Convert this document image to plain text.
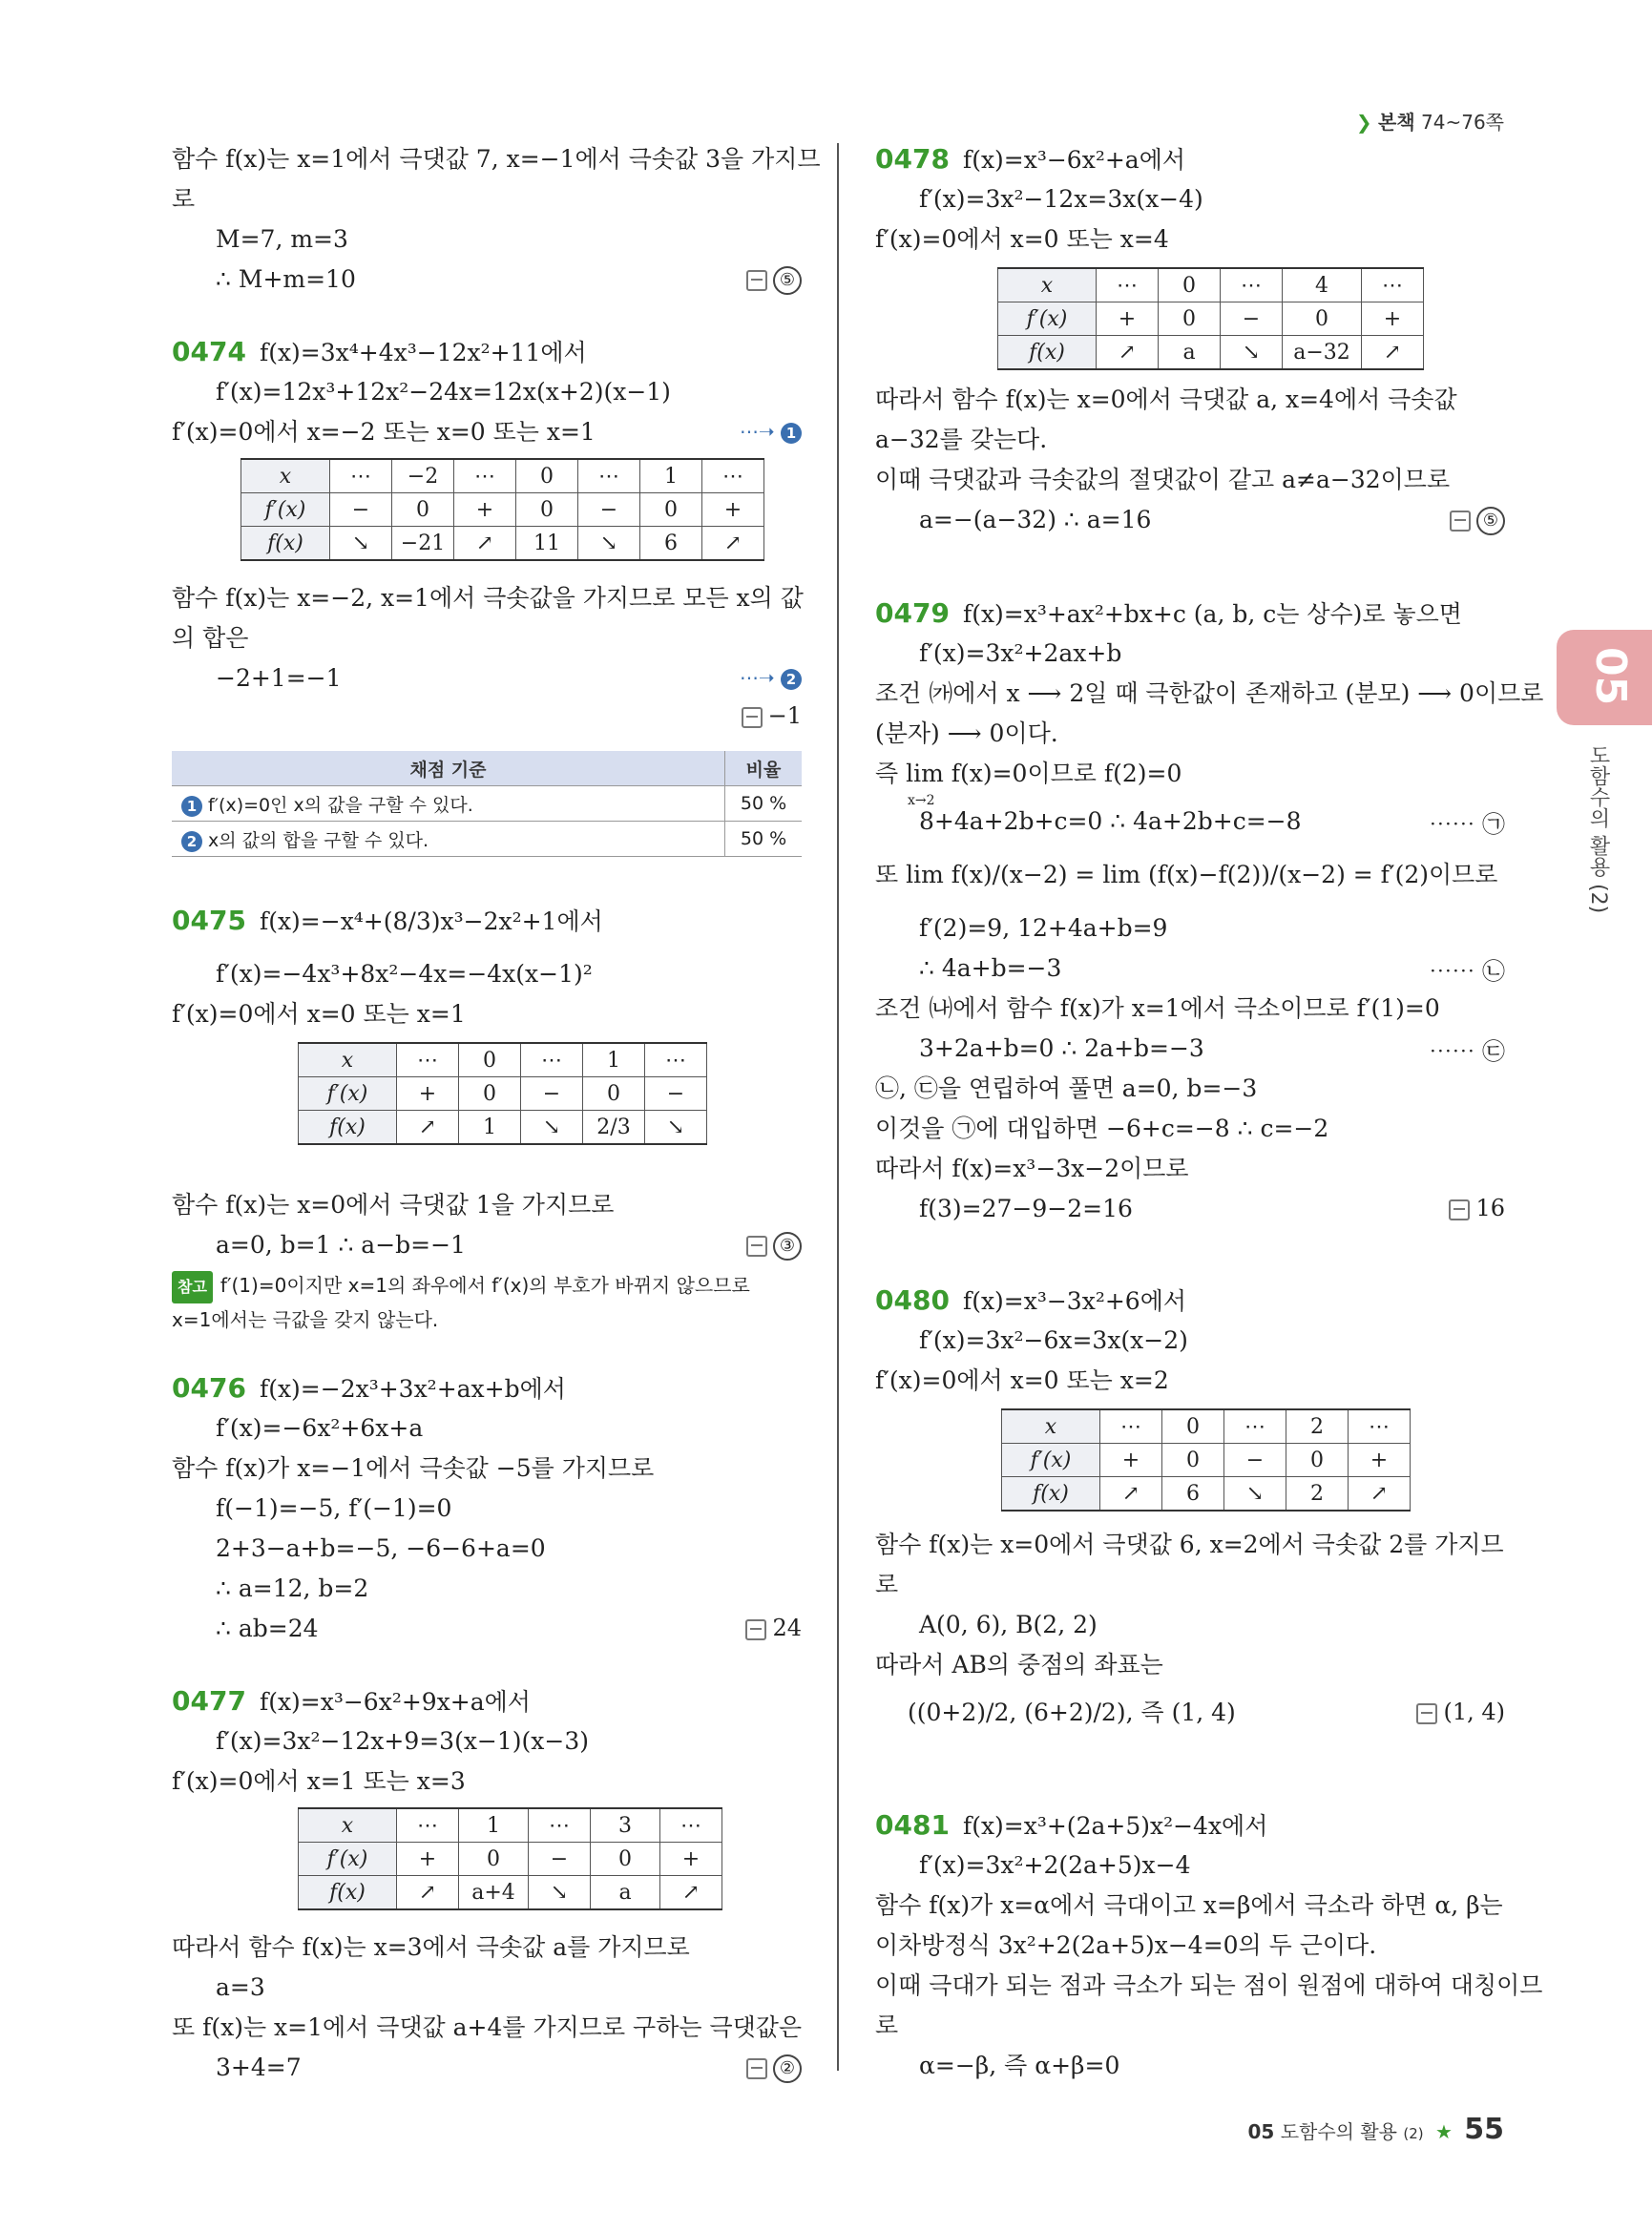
❯ 본책 74~76쪽
05
도함수의 활용 (2)
함수 f(x)는 x=1에서 극댓값 7, x=−1에서 극솟값 3을 가지므
로
M=7, m=3
∴ M+m=10	⑤
0474 f(x)=3x⁴+4x³−12x²+11에서
f′(x)=12x³+12x²−24x=12x(x+2)(x−1)
f′(x)=0에서 x=−2 또는 x=0 또는 x=1	⋯➝ 1
x	⋯	−2	⋯	0	⋯	1	⋯
f′(x)	−	0	+	0	−	0	+
f(x)	↘	−21	↗	11	↘	6	↗
함수 f(x)는 x=−2, x=1에서 극솟값을 가지므로 모든 x의 값
의 합은
−2+1=−1	⋯➝ 2
−1
채점 기준	비율
1 f′(x)=0인 x의 값을 구할 수 있다.	50 %
2 x의 값의 합을 구할 수 있다.	50 %
0475 f(x)=−x⁴+(8/3)x³−2x²+1에서
f′(x)=−4x³+8x²−4x=−4x(x−1)²
f′(x)=0에서 x=0 또는 x=1
x	⋯	0	⋯	1	⋯
f′(x)	+	0	−	0	−
f(x)	↗	1	↘	2/3	↘
함수 f(x)는 x=0에서 극댓값 1을 가지므로
a=0, b=1 ∴ a−b=−1	③
참고 f′(1)=0이지만 x=1의 좌우에서 f′(x)의 부호가 바뀌지 않으므로
x=1에서는 극값을 갖지 않는다.
0476 f(x)=−2x³+3x²+ax+b에서
f′(x)=−6x²+6x+a
함수 f(x)가 x=−1에서 극솟값 −5를 가지므로
f(−1)=−5, f′(−1)=0
2+3−a+b=−5, −6−6+a=0
∴ a=12, b=2
∴ ab=24	24
0477 f(x)=x³−6x²+9x+a에서
f′(x)=3x²−12x+9=3(x−1)(x−3)
f′(x)=0에서 x=1 또는 x=3
x	⋯	1	⋯	3	⋯
f′(x)	+	0	−	0	+
f(x)	↗	a+4	↘	a	↗
따라서 함수 f(x)는 x=3에서 극솟값 a를 가지므로
a=3
또 f(x)는 x=1에서 극댓값 a+4를 가지므로 구하는 극댓값은
3+4=7	②
0478 f(x)=x³−6x²+a에서
f′(x)=3x²−12x=3x(x−4)
f′(x)=0에서 x=0 또는 x=4
x	⋯	0	⋯	4	⋯
f′(x)	+	0	−	0	+
f(x)	↗	a	↘	a−32	↗
따라서 함수 f(x)는 x=0에서 극댓값 a, x=4에서 극솟값
a−32를 갖는다.
이때 극댓값과 극솟값의 절댓값이 같고 a≠a−32이므로
a=−(a−32) ∴ a=16	⑤
0479 f(x)=x³+ax²+bx+c (a, b, c는 상수)로 놓으면
f′(x)=3x²+2ax+b
조건 ㈎에서 x ⟶ 2일 때 극한값이 존재하고 (분모) ⟶ 0이므로
(분자) ⟶ 0이다.
즉 lim f(x)=0이므로 f(2)=0
x→2
8+4a+2b+c=0 ∴ 4a+2b+c=−8	⋯⋯ ㉠
또 lim f(x)/(x−2) = lim (f(x)−f(2))/(x−2) = f′(2)이므로
f′(2)=9, 12+4a+b=9
∴ 4a+b=−3	⋯⋯ ㉡
조건 ㈏에서 함수 f(x)가 x=1에서 극소이므로 f′(1)=0
3+2a+b=0 ∴ 2a+b=−3	⋯⋯ ㉢
㉡, ㉢을 연립하여 풀면 a=0, b=−3
이것을 ㉠에 대입하면 −6+c=−8 ∴ c=−2
따라서 f(x)=x³−3x−2이므로
f(3)=27−9−2=16	16
0480 f(x)=x³−3x²+6에서
f′(x)=3x²−6x=3x(x−2)
f′(x)=0에서 x=0 또는 x=2
x	⋯	0	⋯	2	⋯
f′(x)	+	0	−	0	+
f(x)	↗	6	↘	2	↗
함수 f(x)는 x=0에서 극댓값 6, x=2에서 극솟값 2를 가지므
로
A(0, 6), B(2, 2)
따라서 AB의 중점의 좌표는
((0+2)/2, (6+2)/2), 즉 (1, 4)	(1, 4)
0481 f(x)=x³+(2a+5)x²−4x에서
f′(x)=3x²+2(2a+5)x−4
함수 f(x)가 x=α에서 극대이고 x=β에서 극소라 하면 α, β는
이차방정식 3x²+2(2a+5)x−4=0의 두 근이다.
이때 극대가 되는 점과 극소가 되는 점이 원점에 대하여 대칭이므
로
α=−β, 즉 α+β=0
05 도함수의 활용 (2) ★ 55
